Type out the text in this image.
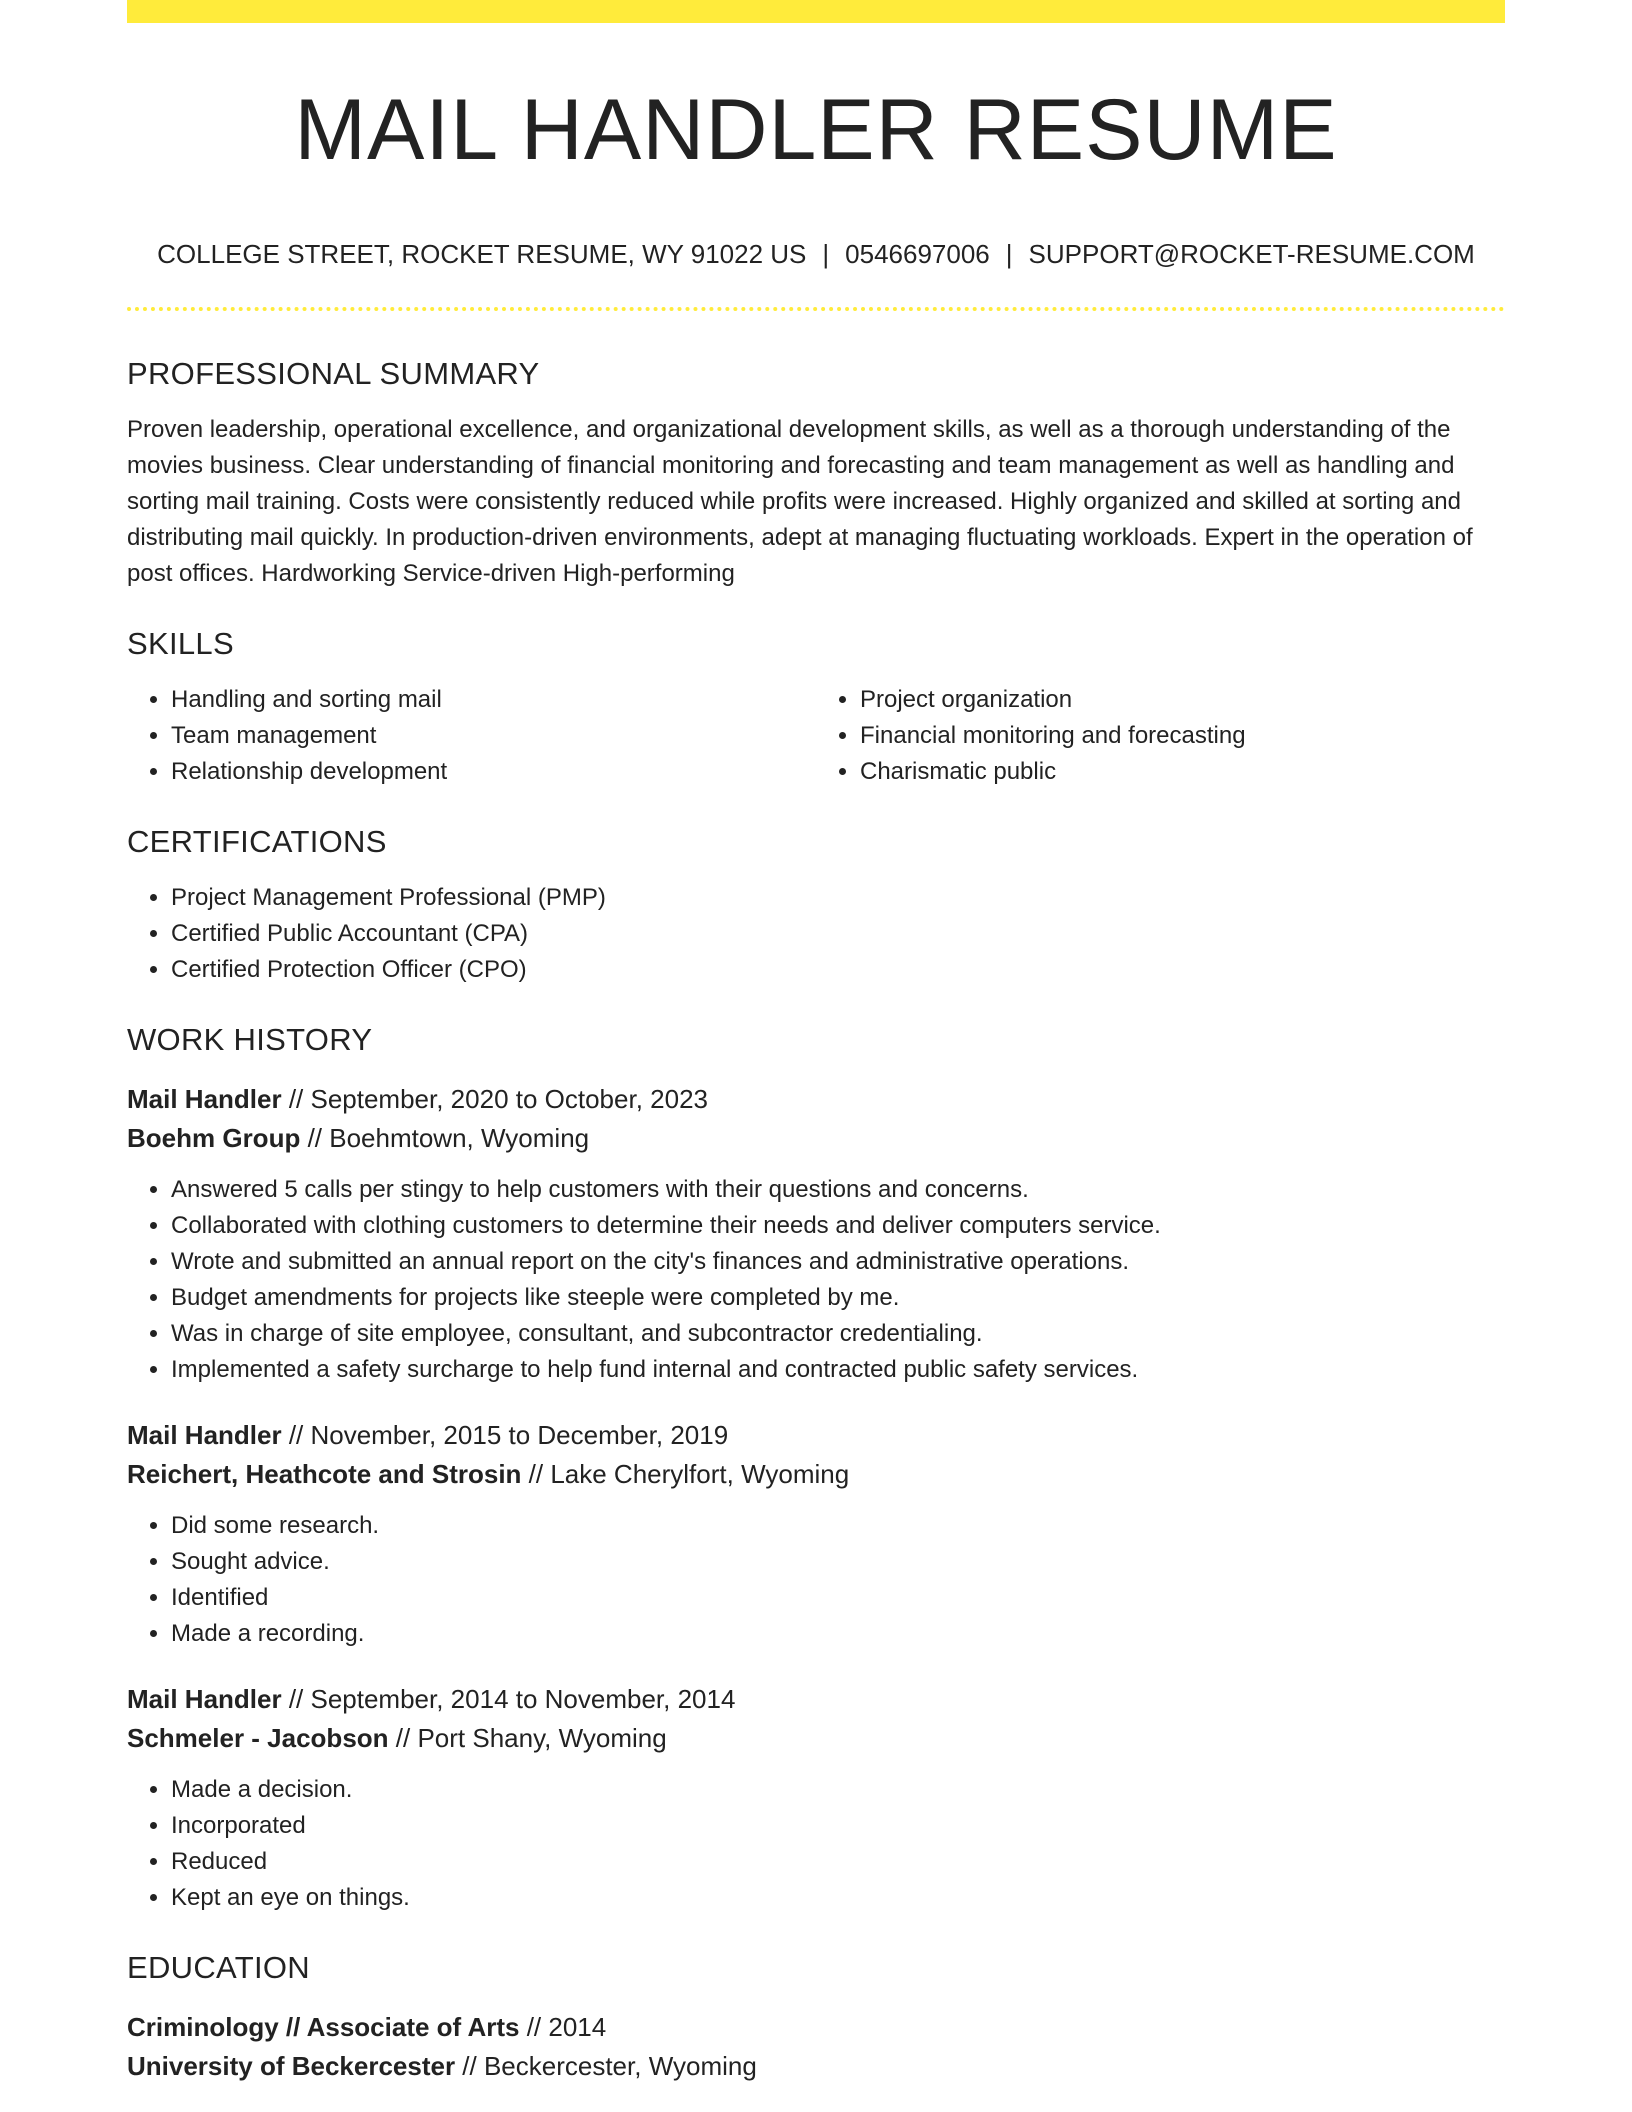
MAIL HANDLER RESUME
COLLEGE STREET, ROCKET RESUME, WY 91022 US | 0546697006 | SUPPORT@ROCKET-RESUME.COM
PROFESSIONAL SUMMARY

Proven leadership, operational excellence, and organizational development skills, as well as a thorough understanding of the movies business. Clear understanding of financial monitoring and forecasting and team management as well as handling and sorting mail training. Costs were consistently reduced while profits were increased. Highly organized and skilled at sorting and distributing mail quickly. In production-driven environments, adept at managing fluctuating workloads. Expert in the operation of post offices. Hardworking Service-driven High-performing

SKILLS
• Handling and sorting mail
• Team management
• Relationship development
• Project organization
• Financial monitoring and forecasting
• Charismatic public
CERTIFICATIONS
• Project Management Professional (PMP)
• Certified Public Accountant (CPA)
• Certified Protection Officer (CPO)
WORK HISTORY
Mail Handler // September, 2020 to October, 2023
Boehm Group // Boehmtown, Wyoming
• Answered 5 calls per stingy to help customers with their questions and concerns.
• Collaborated with clothing customers to determine their needs and deliver computers service.
• Wrote and submitted an annual report on the city's finances and administrative operations.
• Budget amendments for projects like steeple were completed by me.
• Was in charge of site employee, consultant, and subcontractor credentialing.
• Implemented a safety surcharge to help fund internal and contracted public safety services.
Mail Handler // November, 2015 to December, 2019
Reichert, Heathcote and Strosin // Lake Cherylfort, Wyoming
• Did some research.
• Sought advice.
• Identified
• Made a recording.
Mail Handler // September, 2014 to November, 2014
Schmeler - Jacobson // Port Shany, Wyoming
• Made a decision.
• Incorporated
• Reduced
• Kept an eye on things.
EDUCATION
Criminology // Associate of Arts // 2014
University of Beckercester // Beckercester, Wyoming
